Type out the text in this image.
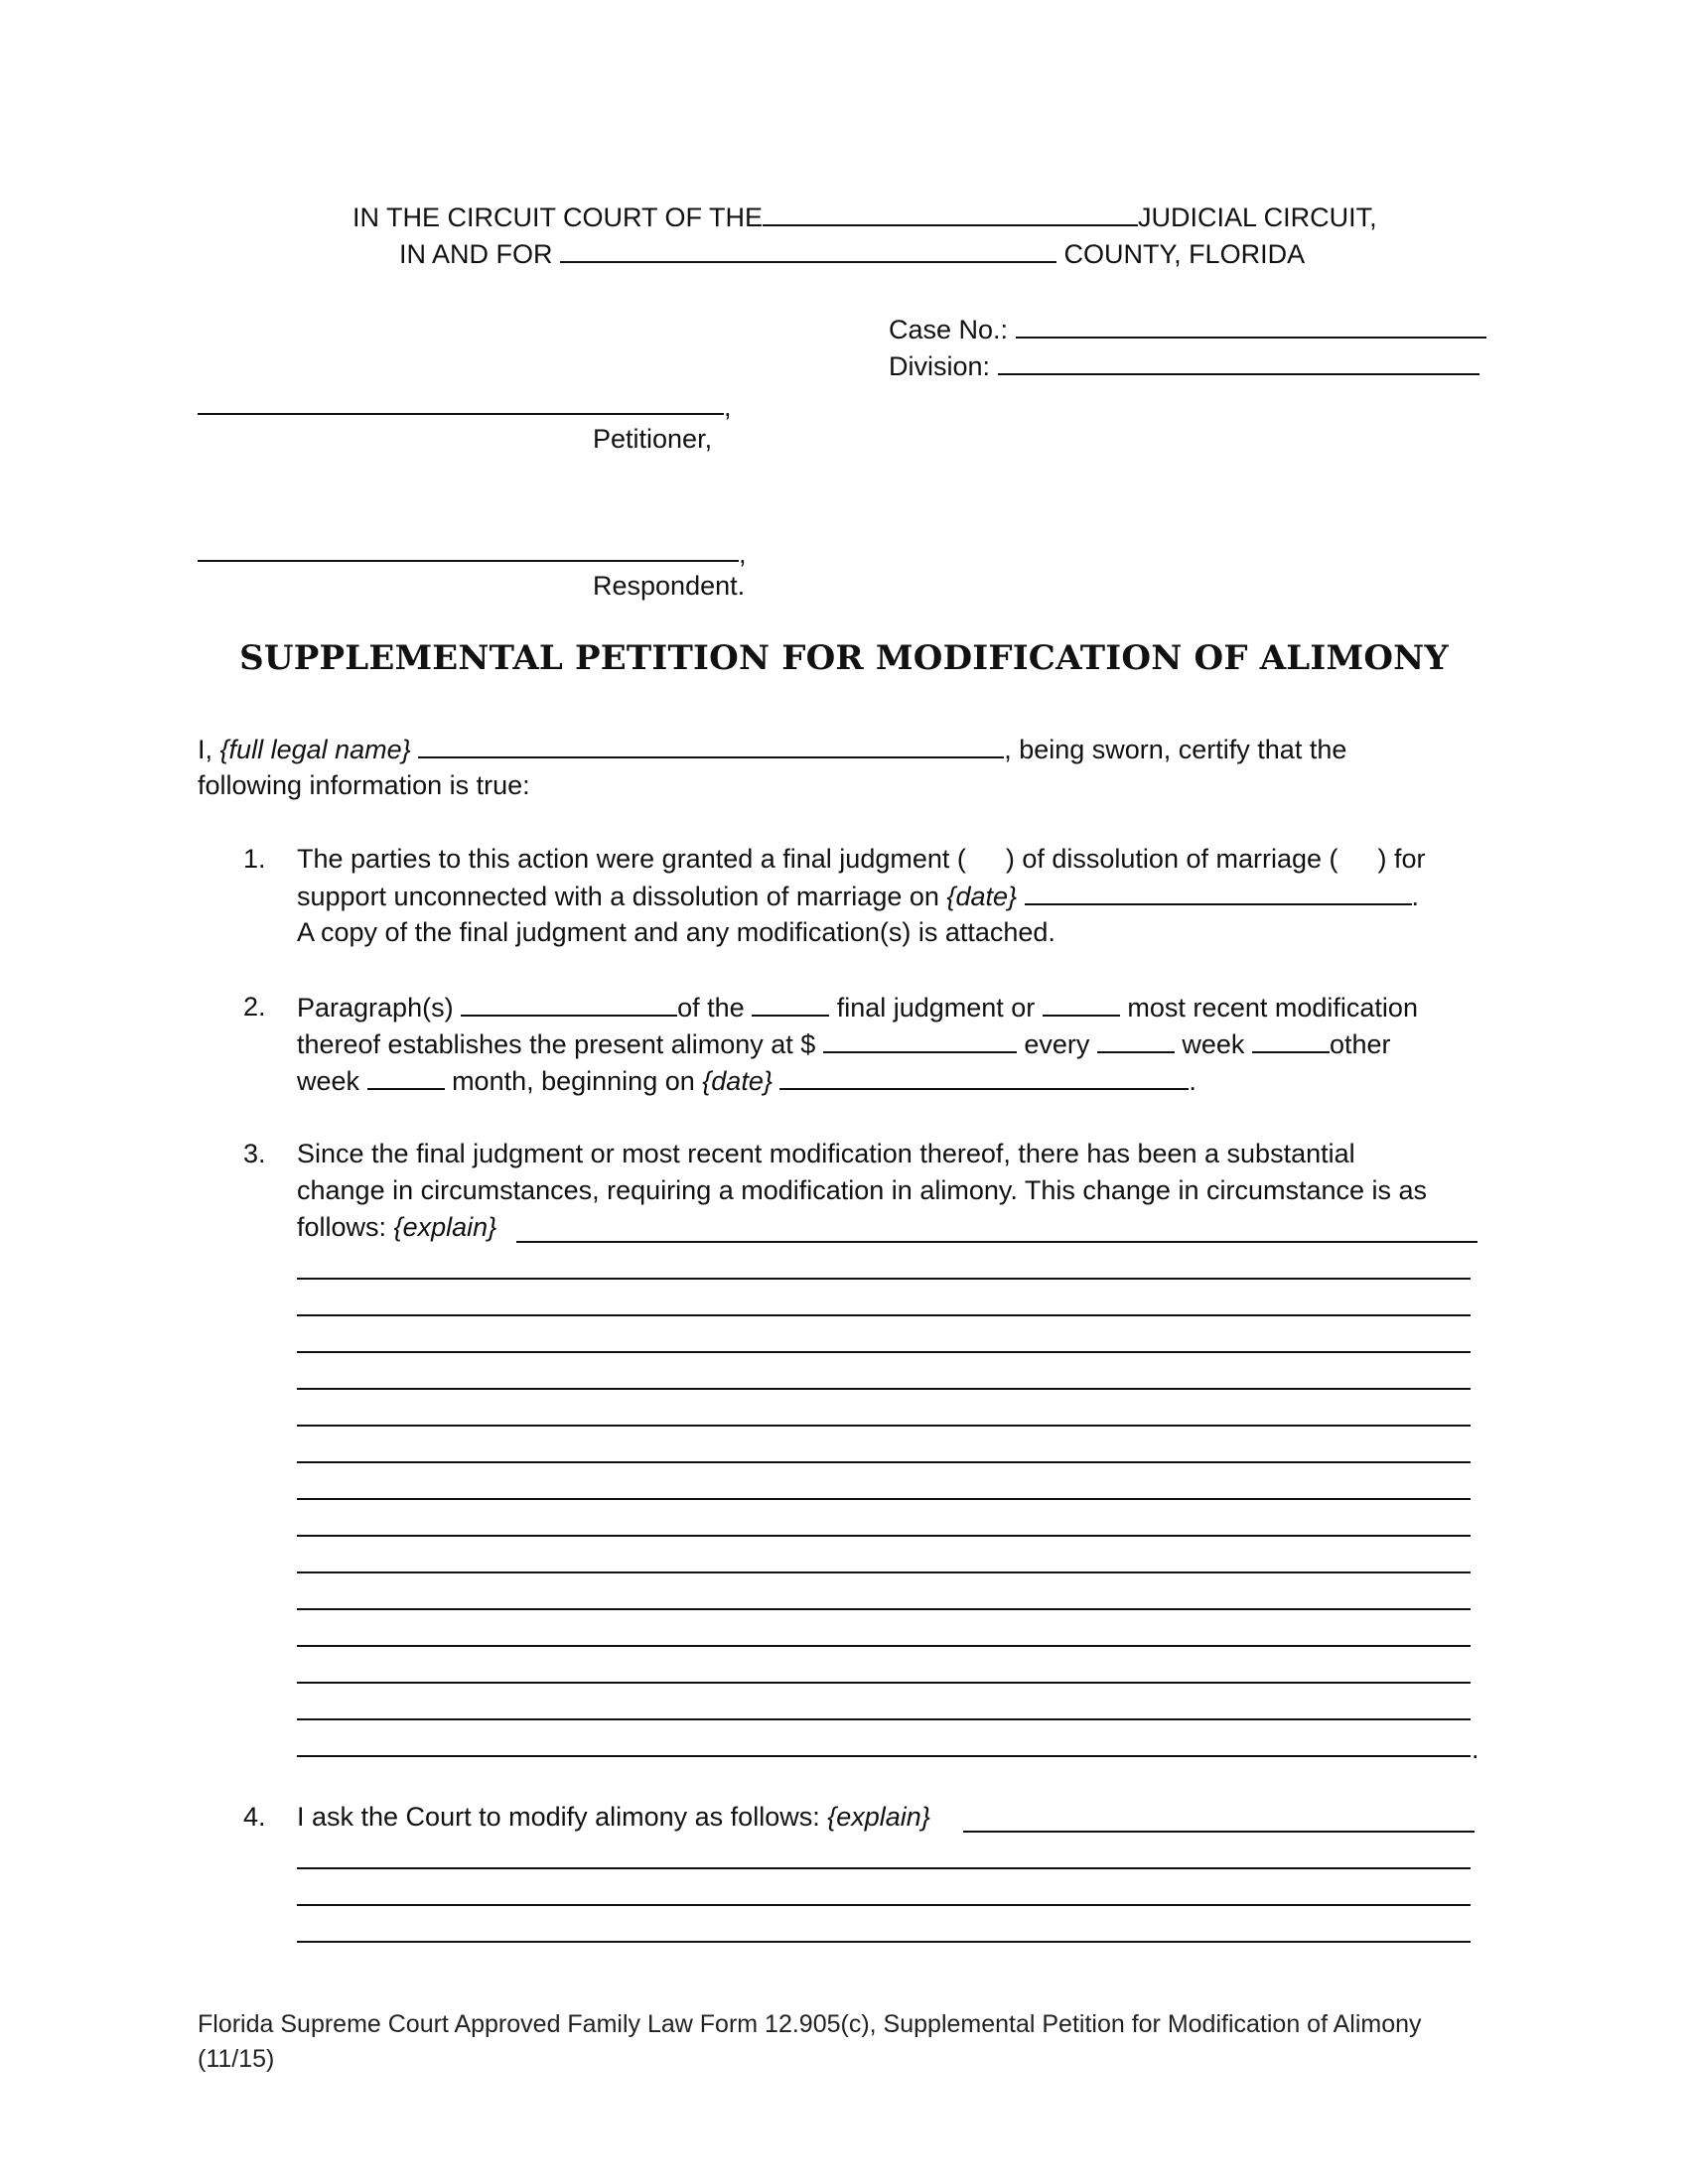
IN THE CIRCUIT COURT OF THE	JUDICIAL CIRCUIT,
IN AND FOR	COUNTY, FLORIDA
Case No.:
Division:
,
Petitioner,
,
Respondent.
SUPPLEMENTAL PETITION FOR MODIFICATION OF ALIMONY
I, {full legal name}	, being sworn, certify that the
following information is true:
1. The parties to this action were granted a final judgment ( ) of dissolution of marriage ( ) for
support unconnected with a dissolution of marriage on {date}	.
A copy of the final judgment and any modification(s) is attached.
2. Paragraph(s)	of the	final judgment or	most recent modification
thereof establishes the present alimony at $	every	week	other
week	month, beginning on {date}	.
3. Since the final judgment or most recent modification thereof, there has been a substantial
change in circumstances, requiring a modification in alimony. This change in circumstance is as
follows: {explain}
.
4. I ask the Court to modify alimony as follows: {explain}
Florida Supreme Court Approved Family Law Form 12.905(c), Supplemental Petition for Modification of Alimony
(11/15)
